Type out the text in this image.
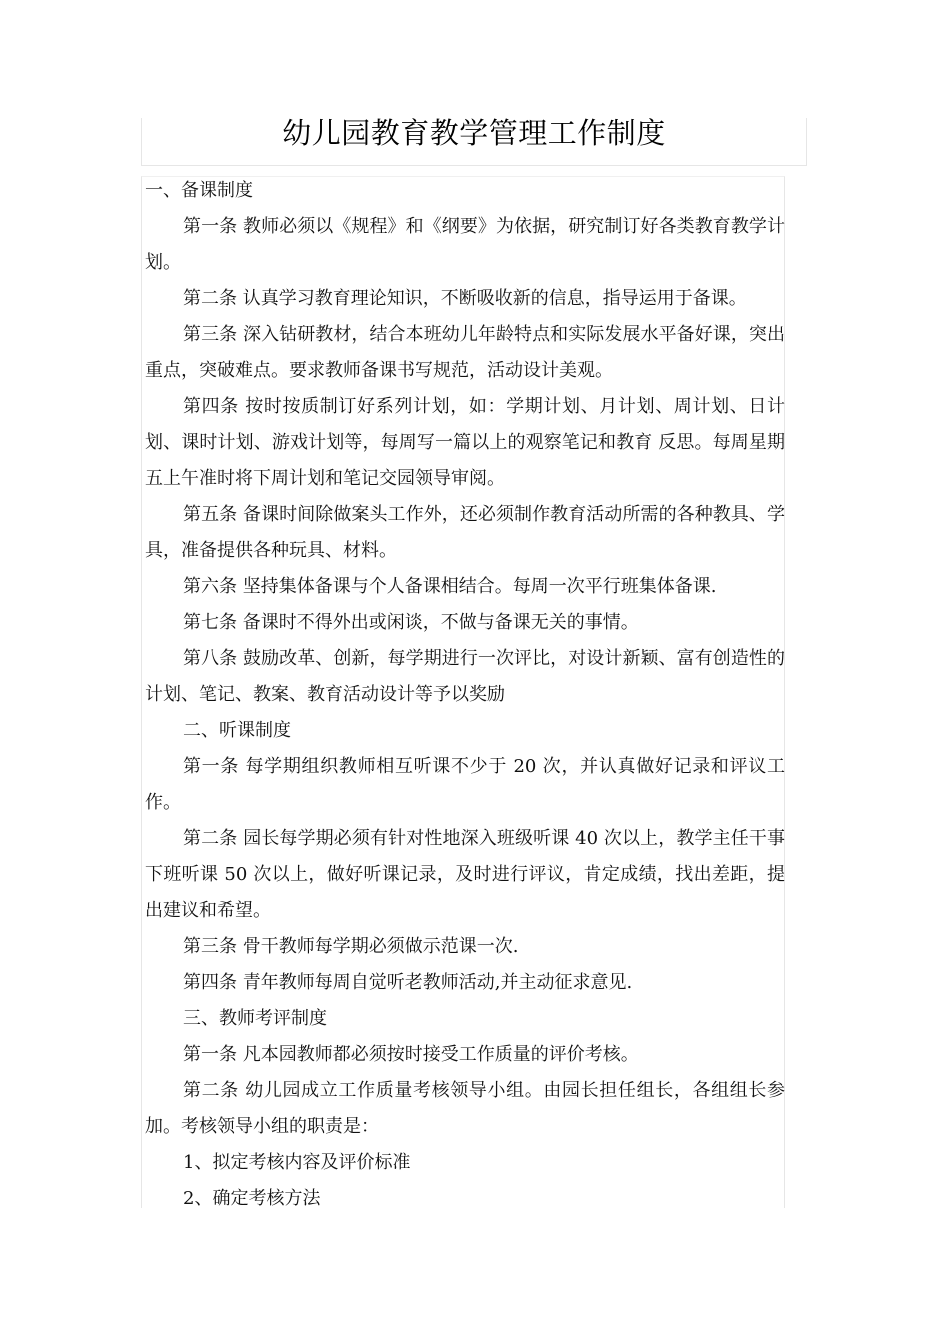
幼儿园教育教学管理工作制度

一、备课制度

第一条 教师必须以《规程》和《纲要》为依据，研究制订好各类教育教学计划。

第二条 认真学习教育理论知识，不断吸收新的信息，指导运用于备课。

第三条 深入钻研教材，结合本班幼儿年龄特点和实际发展水平备好课，突出重点，突破难点。要求教师备课书写规范，活动设计美观。

第四条 按时按质制订好系列计划，如：学期计划、月计划、周计划、日计划、课时计划、游戏计划等，每周写一篇以上的观察笔记和教育 反思。每周星期五上午准时将下周计划和笔记交园领导审阅。

第五条 备课时间除做案头工作外，还必须制作教育活动所需的各种教具、学具，准备提供各种玩具、材料。

第六条 坚持集体备课与个人备课相结合。每周一次平行班集体备课.

第七条 备课时不得外出或闲谈，不做与备课无关的事情。

第八条 鼓励改革、创新，每学期进行一次评比，对设计新颖、富有创造性的计划、笔记、教案、教育活动设计等予以奖励

二、听课制度

第一条 每学期组织教师相互听课不少于 20 次，并认真做好记录和评议工作。

第二条 园长每学期必须有针对性地深入班级听课 40 次以上，教学主任干事下班听课 50 次以上，做好听课记录，及时进行评议，肯定成绩，找出差距，提出建议和希望。

第三条 骨干教师每学期必须做示范课一次.

第四条 青年教师每周自觉听老教师活动,并主动征求意见.

三、教师考评制度

第一条 凡本园教师都必须按时接受工作质量的评价考核。

第二条 幼儿园成立工作质量考核领导小组。由园长担任组长，各组组长参加。考核领导小组的职责是：

1、拟定考核内容及评价标准

2、确定考核方法
